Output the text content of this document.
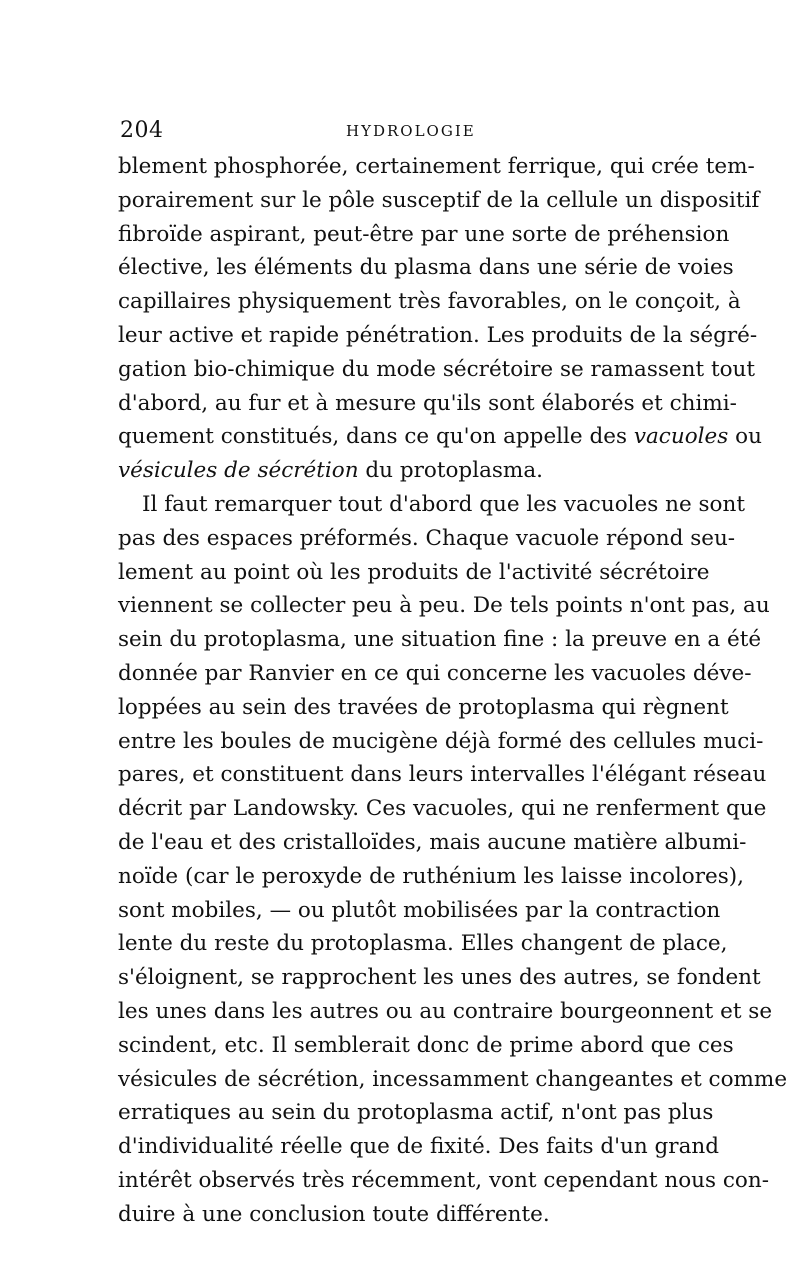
204	HYDROLOGIE
blement phosphorée, certainement ferrique, qui crée tem-
porairement sur le pôle susceptif de la cellule un dispositif
fibroïde aspirant, peut-être par une sorte de préhension
élective, les éléments du plasma dans une série de voies
capillaires physiquement très favorables, on le conçoit, à
leur active et rapide pénétration. Les produits de la ségré-
gation bio-chimique du mode sécrétoire se ramassent tout
d'abord, au fur et à mesure qu'ils sont élaborés et chimi-
quement constitués, dans ce qu'on appelle des vacuoles ou
vésicules de sécrétion du protoplasma.
Il faut remarquer tout d'abord que les vacuoles ne sont
pas des espaces préformés. Chaque vacuole répond seu-
lement au point où les produits de l'activité sécrétoire
viennent se collecter peu à peu. De tels points n'ont pas, au
sein du protoplasma, une situation fine : la preuve en a été
donnée par Ranvier en ce qui concerne les vacuoles déve-
loppées au sein des travées de protoplasma qui règnent
entre les boules de mucigène déjà formé des cellules muci-
pares, et constituent dans leurs intervalles l'élégant réseau
décrit par Landowsky. Ces vacuoles, qui ne renferment que
de l'eau et des cristalloïdes, mais aucune matière albumi-
noïde (car le peroxyde de ruthénium les laisse incolores),
sont mobiles, — ou plutôt mobilisées par la contraction
lente du reste du protoplasma. Elles changent de place,
s'éloignent, se rapprochent les unes des autres, se fondent
les unes dans les autres ou au contraire bourgeonnent et se
scindent, etc. Il semblerait donc de prime abord que ces
vésicules de sécrétion, incessamment changeantes et comme
erratiques au sein du protoplasma actif, n'ont pas plus
d'individualité réelle que de fixité. Des faits d'un grand
intérêt observés très récemment, vont cependant nous con-
duire à une conclusion toute différente.
